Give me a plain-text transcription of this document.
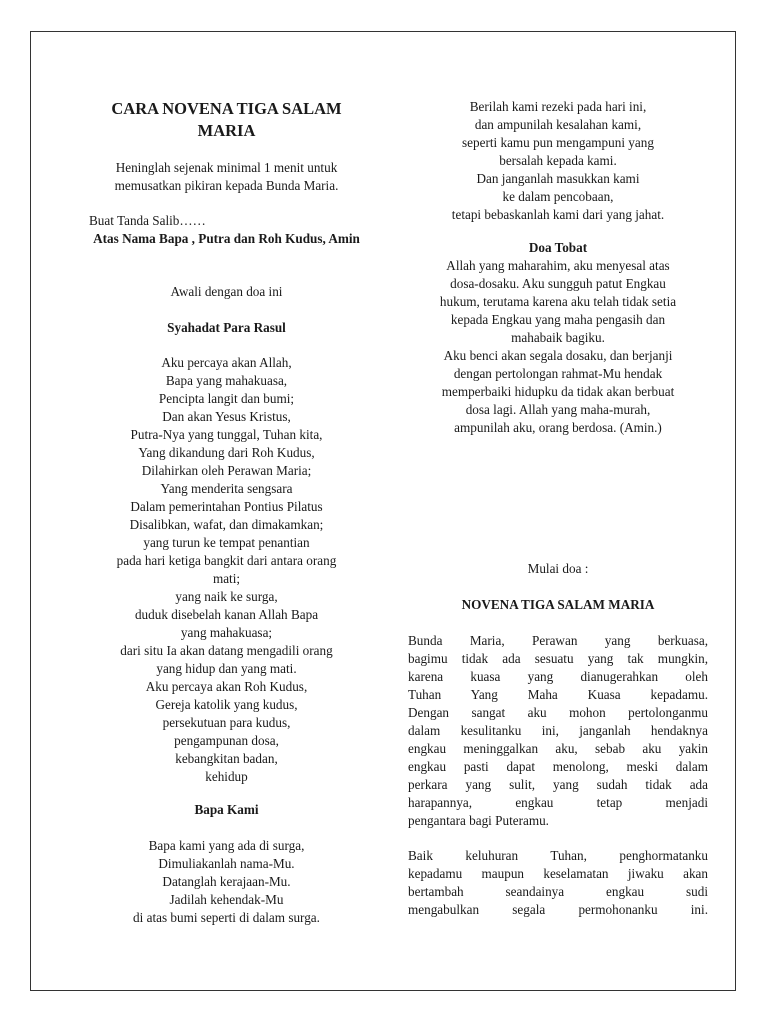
CARA NOVENA TIGA SALAM MARIA

Heninglah sejenak minimal 1 menit untuk memusatkan pikiran kepada Bunda Maria.

Buat Tanda Salib……

Atas Nama Bapa , Putra dan Roh Kudus, Amin

Awali dengan doa ini

Syahadat Para Rasul

Aku percaya akan Allah,
Bapa yang mahakuasa,
Pencipta langit dan bumi;
Dan akan Yesus Kristus,
Putra-Nya yang tunggal, Tuhan kita,
Yang dikandung dari Roh Kudus,
Dilahirkan oleh Perawan Maria;
Yang menderita sengsara
Dalam pemerintahan Pontius Pilatus
Disalibkan, wafat, dan dimakamkan;
yang turun ke tempat penantian
pada hari ketiga bangkit dari antara orang
mati;
yang naik ke surga,
duduk disebelah kanan Allah Bapa
yang mahakuasa;
dari situ Ia akan datang mengadili orang
yang hidup dan yang mati.
Aku percaya akan Roh Kudus,
Gereja katolik yang kudus,
persekutuan para kudus,
pengampunan dosa,
kebangkitan badan,
kehidup

Bapa Kami

Bapa kami yang ada di surga,
Dimuliakanlah nama-Mu.
Datanglah kerajaan-Mu.
Jadilah kehendak-Mu
di atas bumi seperti di dalam surga.
Berilah kami rezeki pada hari ini,
dan ampunilah kesalahan kami,
seperti kamu pun mengampuni yang
bersalah kepada kami.
Dan janganlah masukkan kami
ke dalam pencobaan,
tetapi bebaskanlah kami dari yang jahat.

Doa Tobat

Allah yang maharahim, aku menyesal atas
dosa-dosaku. Aku sungguh patut Engkau
hukum, terutama karena aku telah tidak setia
kepada Engkau yang maha pengasih dan
mahabaik bagiku.
Aku benci akan segala dosaku, dan berjanji
dengan pertolongan rahmat-Mu hendak
memperbaiki hidupku da tidak akan berbuat
dosa lagi. Allah yang maha-murah,
ampunilah aku, orang berdosa. (Amin.)

Mulai doa :

NOVENA TIGA SALAM MARIA

Bunda Maria, Perawan yang berkuasa,
bagimu tidak ada sesuatu yang tak mungkin,
karena kuasa yang dianugerahkan oleh
Tuhan Yang Maha Kuasa kepadamu.
Dengan sangat aku mohon pertolonganmu
dalam kesulitanku ini, janganlah hendaknya
engkau meninggalkan aku, sebab aku yakin
engkau pasti dapat menolong, meski dalam
perkara yang sulit, yang sudah tidak ada
harapannya, engkau tetap menjadi
pengantara bagi Puteramu.
Baik keluhuran Tuhan, penghormatanku
kepadamu maupun keselamatan jiwaku akan
bertambah seandainya engkau sudi
mengabulkan segala permohonanku ini.
